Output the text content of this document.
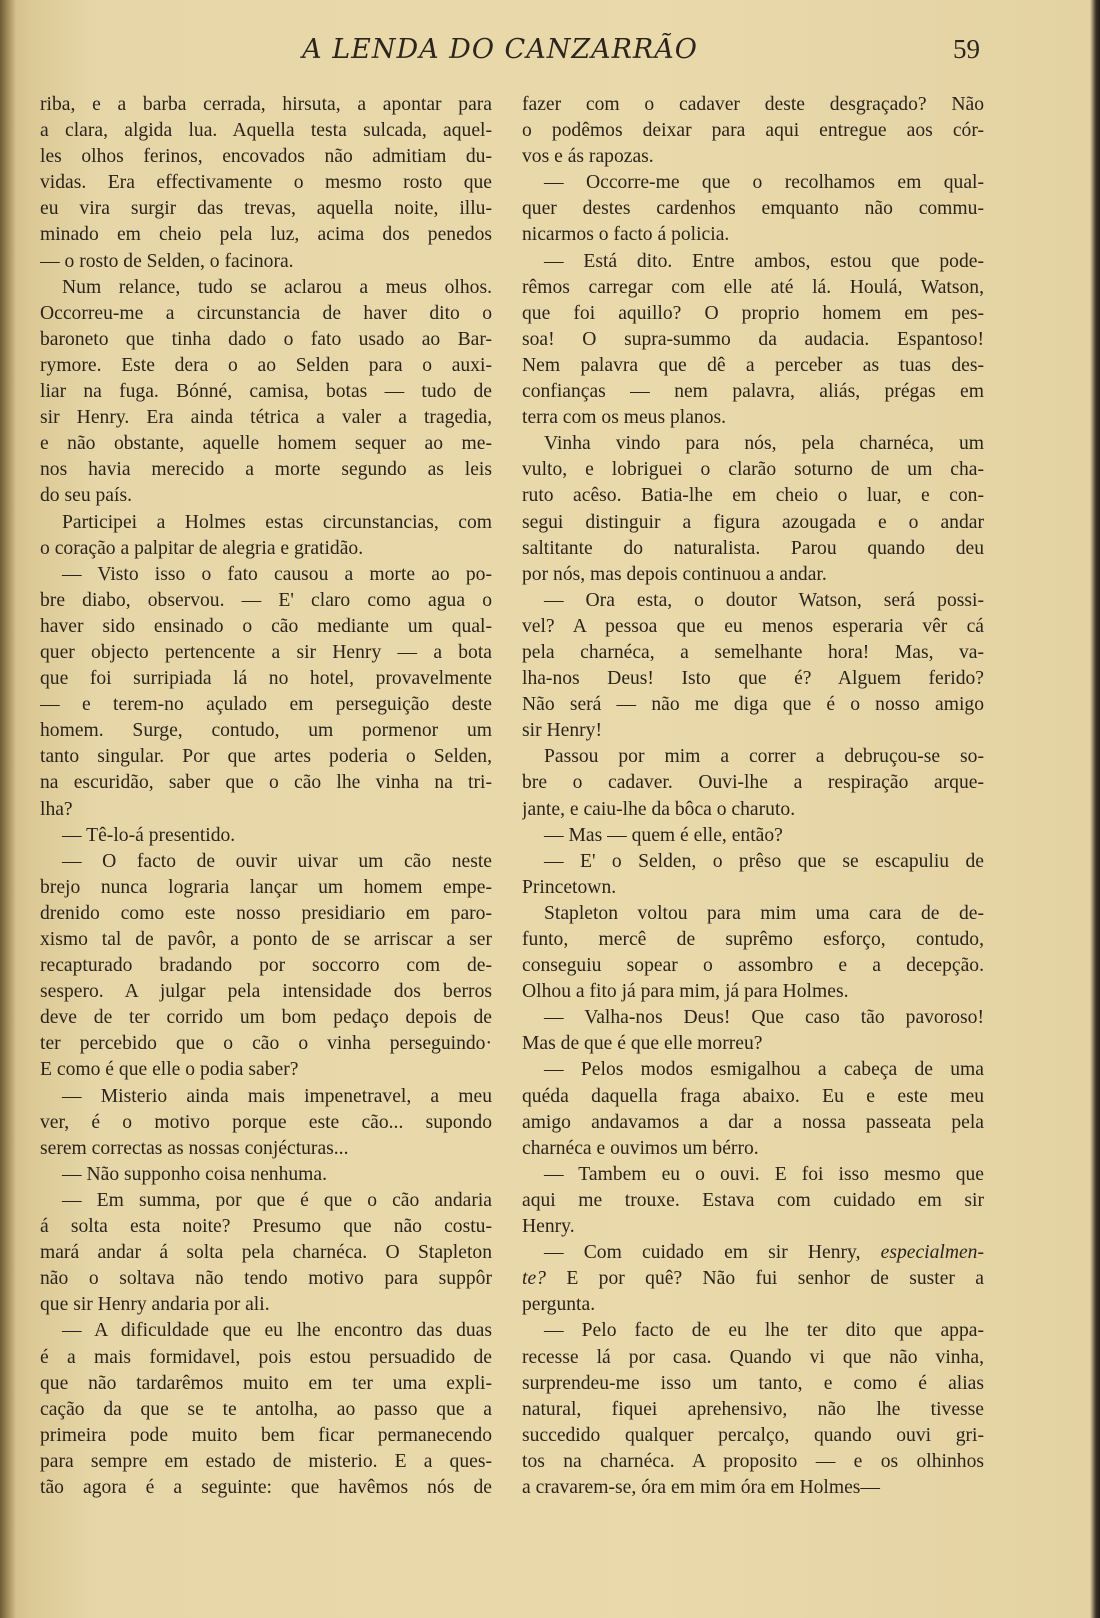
A LENDA DO CANZARRÃO	59
riba, e a barba cerrada, hirsuta, a apontar para
a clara, algida lua. Aquella testa sulcada, aquel-
les olhos ferinos, encovados não admitiam du-
vidas. Era effectivamente o mesmo rosto que
eu vira surgir das trevas, aquella noite, illu-
minado em cheio pela luz, acima dos penedos
— o rosto de Selden, o facinora.
Num relance, tudo se aclarou a meus olhos.
Occorreu-me a circunstancia de haver dito o
baroneto que tinha dado o fato usado ao Bar-
rymore. Este dera o ao Selden para o auxi-
liar na fuga. Bónné, camisa, botas — tudo de
sir Henry. Era ainda tétrica a valer a tragedia,
e não obstante, aquelle homem sequer ao me-
nos havia merecido a morte segundo as leis
do seu país.
Participei a Holmes estas circunstancias, com
o coração a palpitar de alegria e gratidão.
— Visto isso o fato causou a morte ao po-
bre diabo, observou. — E' claro como agua o
haver sido ensinado o cão mediante um qual-
quer objecto pertencente a sir Henry — a bota
que foi surripiada lá no hotel, provavelmente
— e terem-no açulado em perseguição deste
homem. Surge, contudo, um pormenor um
tanto singular. Por que artes poderia o Selden,
na escuridão, saber que o cão lhe vinha na tri-
lha?
— Tê-lo-á presentido.
— O facto de ouvir uivar um cão neste
brejo nunca lograria lançar um homem empe-
drenido como este nosso presidiario em paro-
xismo tal de pavôr, a ponto de se arriscar a ser
recapturado bradando por soccorro com de-
sespero. A julgar pela intensidade dos berros
deve de ter corrido um bom pedaço depois de
ter percebido que o cão o vinha perseguindo·
E como é que elle o podia saber?
— Misterio ainda mais impenetravel, a meu
ver, é o motivo porque este cão... supondo
serem correctas as nossas conjécturas...
— Não supponho coisa nenhuma.
— Em summa, por que é que o cão andaria
á solta esta noite? Presumo que não costu-
mará andar á solta pela charnéca. O Stapleton
não o soltava não tendo motivo para suppôr
que sir Henry andaria por ali.
— A dificuldade que eu lhe encontro das duas
é a mais formidavel, pois estou persuadido de
que não tardarêmos muito em ter uma expli-
cação da que se te antolha, ao passo que a
primeira pode muito bem ficar permanecendo
para sempre em estado de misterio. E a ques-
tão agora é a seguinte: que havêmos nós de
fazer com o cadaver deste desgraçado? Não
o podêmos deixar para aqui entregue aos cór-
vos e ás rapozas.
— Occorre-me que o recolhamos em qual-
quer destes cardenhos emquanto não commu-
nicarmos o facto á policia.
— Está dito. Entre ambos, estou que pode-
rêmos carregar com elle até lá. Houlá, Watson,
que foi aquillo? O proprio homem em pes-
soa! O supra-summo da audacia. Espantoso!
Nem palavra que dê a perceber as tuas des-
confianças — nem palavra, aliás, prégas em
terra com os meus planos.
Vinha vindo para nós, pela charnéca, um
vulto, e lobriguei o clarão soturno de um cha-
ruto acêso. Batia-lhe em cheio o luar, e con-
segui distinguir a figura azougada e o andar
saltitante do naturalista. Parou quando deu
por nós, mas depois continuou a andar.
— Ora esta, o doutor Watson, será possi-
vel? A pessoa que eu menos esperaria vêr cá
pela charnéca, a semelhante hora! Mas, va-
lha-nos Deus! Isto que é? Alguem ferido?
Não será — não me diga que é o nosso amigo
sir Henry!
Passou por mim a correr a debruçou-se so-
bre o cadaver. Ouvi-lhe a respiração arque-
jante, e caiu-lhe da bôca o charuto.
— Mas — quem é elle, então?
— E' o Selden, o prêso que se escapuliu de
Princetown.
Stapleton voltou para mim uma cara de de-
funto, mercê de suprêmo esforço, contudo,
conseguiu sopear o assombro e a decepção.
Olhou a fito já para mim, já para Holmes.
— Valha-nos Deus! Que caso tão pavoroso!
Mas de que é que elle morreu?
— Pelos modos esmigalhou a cabeça de uma
quéda daquella fraga abaixo. Eu e este meu
amigo andavamos a dar a nossa passeata pela
charnéca e ouvimos um bérro.
— Tambem eu o ouvi. E foi isso mesmo que
aqui me trouxe. Estava com cuidado em sir
Henry.
— Com cuidado em sir Henry, especialmen-
te? E por quê? Não fui senhor de suster a
pergunta.
— Pelo facto de eu lhe ter dito que appa-
recesse lá por casa. Quando vi que não vinha,
surprendeu-me isso um tanto, e como é alias
natural, fiquei aprehensivo, não lhe tivesse
succedido qualquer percalço, quando ouvi gri-
tos na charnéca. A proposito — e os olhinhos
a cravarem-se, óra em mim óra em Holmes—
